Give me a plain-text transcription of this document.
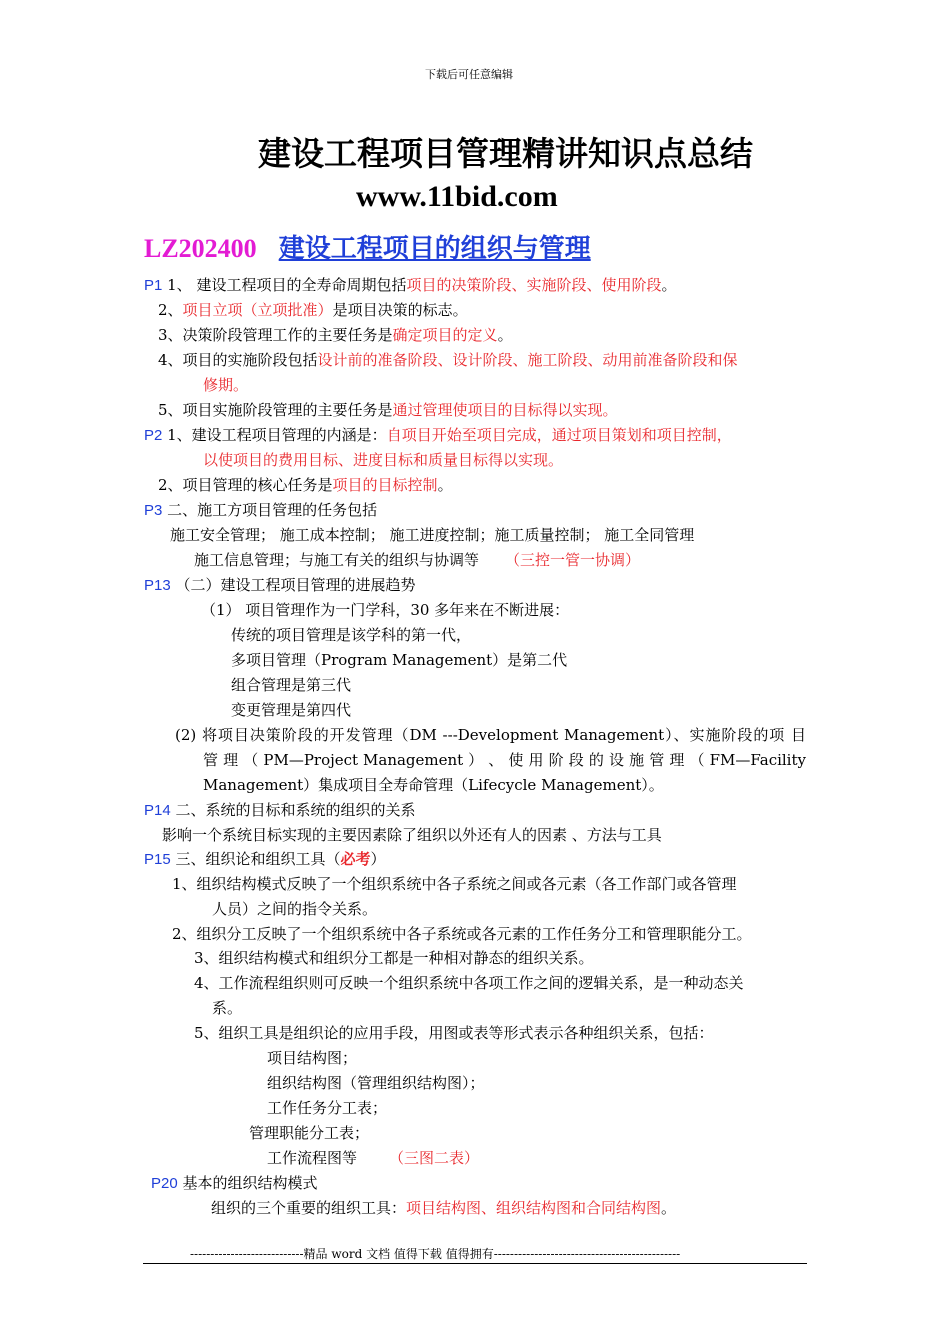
下载后可任意编辑
建设工程项目管理精讲知识点总结
www.11bid.com
LZ202400 建设工程项目的组织与管理
P1 1、 建设工程项目的全寿命周期包括项目的决策阶段、实施阶段、使用阶段。
2、项目立项（立项批准）是项目决策的标志。
3、决策阶段管理工作的主要任务是确定项目的定义。
4、项目的实施阶段包括设计前的准备阶段、设计阶段、施工阶段、动用前准备阶段和保
修期。
5、项目实施阶段管理的主要任务是通过管理使项目的目标得以实现。
P2 1、建设工程项目管理的内涵是：自项目开始至项目完成，通过项目策划和项目控制，
以使项目的费用目标、进度目标和质量目标得以实现。
2、项目管理的核心任务是项目的目标控制。
P3 二、施工方项目管理的任务包括
施工安全管理； 施工成本控制； 施工进度控制；施工质量控制； 施工全同管理
施工信息管理；与施工有关的组织与协调等 （三控一管一协调）
P13 （二）建设工程项目管理的进展趋势
（1） 项目管理作为一门学科，30 多年来在不断进展：
传统的项目管理是该学科的第一代，
多项目管理（Program Management）是第二代
组合管理是第三代
变更管理是第四代
(2) 将项目决策阶段的开发管理（DM ---Development Management）、实施阶段的项 目
管 理 （ PM—Project Management ） 、 使 用 阶 段 的 设 施 管 理 （ FM—Facility
Management）集成项目全寿命管理（Lifecycle Management）。
P14 二、系统的目标和系统的组织的关系
影响一个系统目标实现的主要因素除了组织以外还有人的因素 、方法与工具
P15 三、组织论和组织工具（必考）
1、组织结构模式反映了一个组织系统中各子系统之间或各元素（各工作部门或各管理
人员）之间的指令关系。
2、组织分工反映了一个组织系统中各子系统或各元素的工作任务分工和管理职能分工。
3、组织结构模式和组织分工都是一种相对静态的组织关系。
4、工作流程组织则可反映一个组织系统中各项工作之间的逻辑关系，是一种动态关
系。
5、组织工具是组织论的应用手段，用图或表等形式表示各种组织关系，包括：
项目结构图；
组织结构图（管理组织结构图）；
工作任务分工表；
管理职能分工表；
工作流程图等 （三图二表）
P20 基本的组织结构模式
组织的三个重要的组织工具：项目结构图、组织结构图和合同结构图。
----------------------------精品 word 文档 值得下载 值得拥有----------------------------------------------
